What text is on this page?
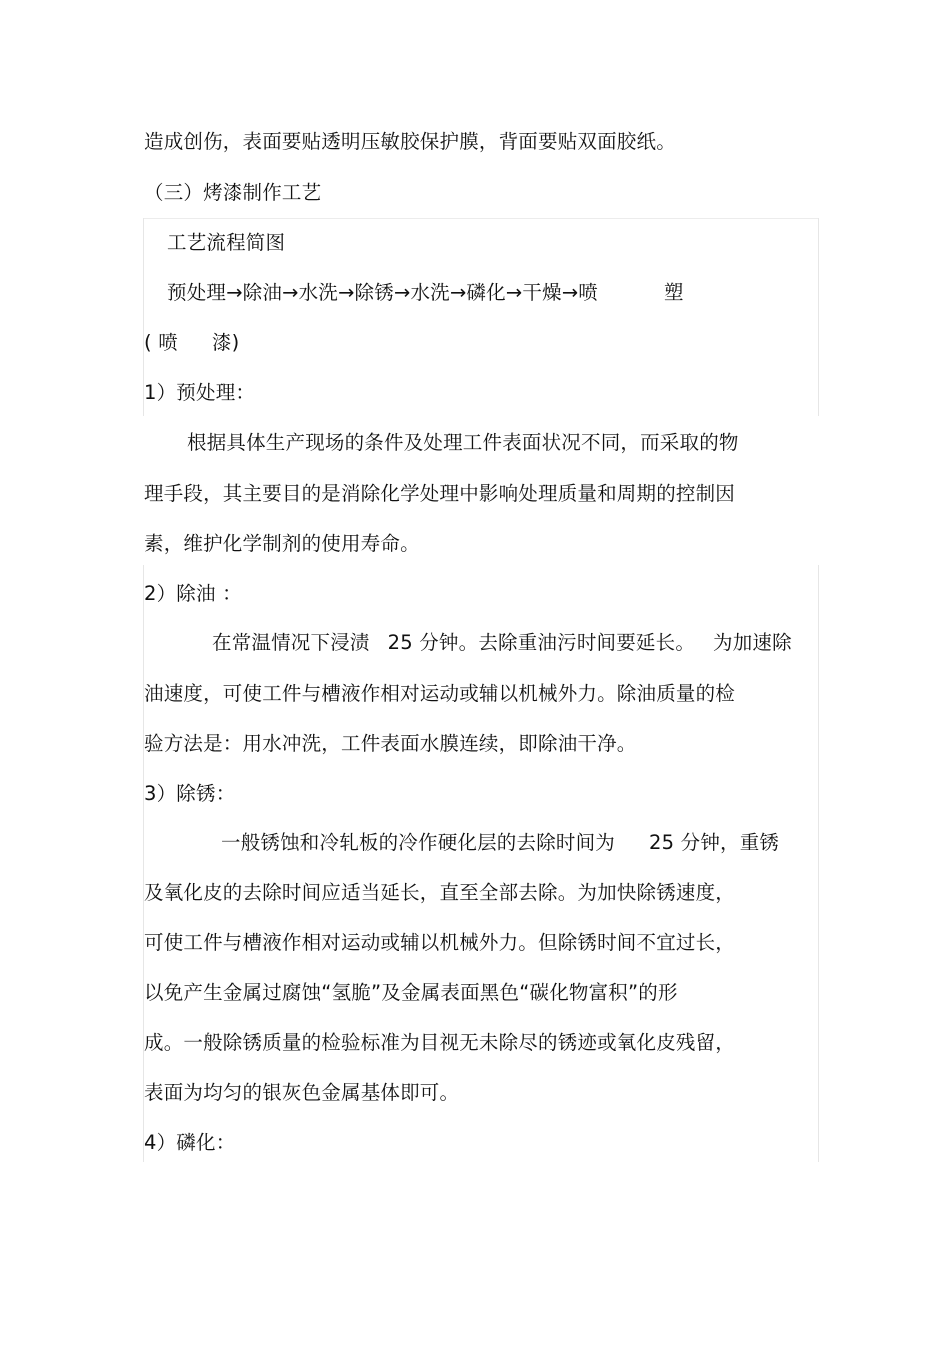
造成创伤，表面要贴透明压敏胶保护膜，背面要贴双面胶纸。
（三）烤漆制作工艺
工艺流程简图
预处理→除油→水洗→除锈→水洗→磷化→干燥→喷	塑
( 喷 漆)
1）预处理：
根据具体生产现场的条件及处理工件表面状况不同，而采取的物
理手段，其主要目的是消除化学处理中影响处理质量和周期的控制因
素，维护化学制剂的使用寿命。
2）除油 ：
在常温情况下浸渍 25 分钟。去除重油污时间要延长。 为加速除
油速度，可使工件与槽液作相对运动或辅以机械外力。除油质量的检
验方法是：用水冲洗，工件表面水膜连续，即除油干净。
3）除锈：
一般锈蚀和冷轧板的冷作硬化层的去除时间为 25 分钟，重锈
及氧化皮的去除时间应适当延长，直至全部去除。为加快除锈速度，
可使工件与槽液作相对运动或辅以机械外力。但除锈时间不宜过长，
以免产生金属过腐蚀“氢脆”及金属表面黑色“碳化物富积”的形
成。一般除锈质量的检验标准为目视无未除尽的锈迹或氧化皮残留，
表面为均匀的银灰色金属基体即可。
4）磷化：
